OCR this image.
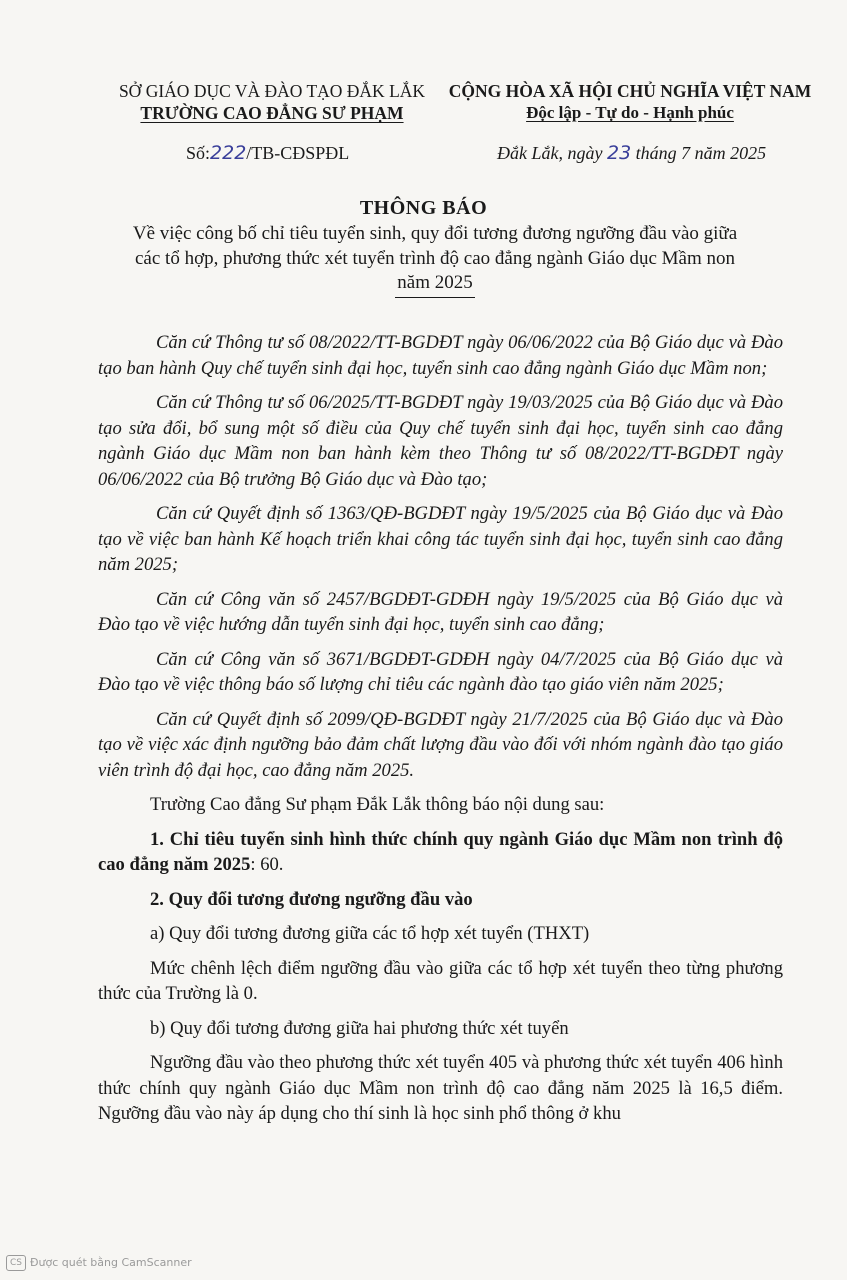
SỞ GIÁO DỤC VÀ ĐÀO TẠO ĐẮK LẮK
TRƯỜNG CAO ĐẲNG SƯ PHẠM
CỘNG HÒA XÃ HỘI CHỦ NGHĨA VIỆT NAM
Độc lập - Tự do - Hạnh phúc
Số:222/TB-CĐSPĐL	Đắk Lắk, ngày 23 tháng 7 năm 2025
THÔNG BÁO
Về việc công bố chỉ tiêu tuyển sinh, quy đổi tương đương ngưỡng đầu vào giữa
các tổ hợp, phương thức xét tuyển trình độ cao đẳng ngành Giáo dục Mầm non
năm 2025

Căn cứ Thông tư số 08/2022/TT-BGDĐT ngày 06/06/2022 của Bộ Giáo dục và Đào tạo ban hành Quy chế tuyển sinh đại học, tuyển sinh cao đẳng ngành Giáo dục Mầm non;

Căn cứ Thông tư số 06/2025/TT-BGDĐT ngày 19/03/2025 của Bộ Giáo dục và Đào tạo sửa đổi, bổ sung một số điều của Quy chế tuyển sinh đại học, tuyển sinh cao đẳng ngành Giáo dục Mầm non ban hành kèm theo Thông tư số 08/2022/TT-BGDĐT ngày 06/06/2022 của Bộ trưởng Bộ Giáo dục và Đào tạo;

Căn cứ Quyết định số 1363/QĐ-BGDĐT ngày 19/5/2025 của Bộ Giáo dục và Đào tạo về việc ban hành Kế hoạch triển khai công tác tuyển sinh đại học, tuyển sinh cao đẳng năm 2025;

Căn cứ Công văn số 2457/BGDĐT-GDĐH ngày 19/5/2025 của Bộ Giáo dục và Đào tạo về việc hướng dẫn tuyển sinh đại học, tuyển sinh cao đẳng;

Căn cứ Công văn số 3671/BGDĐT-GDĐH ngày 04/7/2025 của Bộ Giáo dục và Đào tạo về việc thông báo số lượng chỉ tiêu các ngành đào tạo giáo viên năm 2025;

Căn cứ Quyết định số 2099/QĐ-BGDĐT ngày 21/7/2025 của Bộ Giáo dục và Đào tạo về việc xác định ngưỡng bảo đảm chất lượng đầu vào đối với nhóm ngành đào tạo giáo viên trình độ đại học, cao đẳng năm 2025.

Trường Cao đẳng Sư phạm Đắk Lắk thông báo nội dung sau:

1. Chỉ tiêu tuyển sinh hình thức chính quy ngành Giáo dục Mầm non trình độ cao đẳng năm 2025: 60.

2. Quy đổi tương đương ngưỡng đầu vào

a) Quy đổi tương đương giữa các tổ hợp xét tuyển (THXT)

Mức chênh lệch điểm ngưỡng đầu vào giữa các tổ hợp xét tuyển theo từng phương thức của Trường là 0.

b) Quy đổi tương đương giữa hai phương thức xét tuyển

Ngưỡng đầu vào theo phương thức xét tuyển 405 và phương thức xét tuyển 406 hình thức chính quy ngành Giáo dục Mầm non trình độ cao đẳng năm 2025 là 16,5 điểm. Ngưỡng đầu vào này áp dụng cho thí sinh là học sinh phổ thông ở khu

CS Được quét bằng CamScanner
